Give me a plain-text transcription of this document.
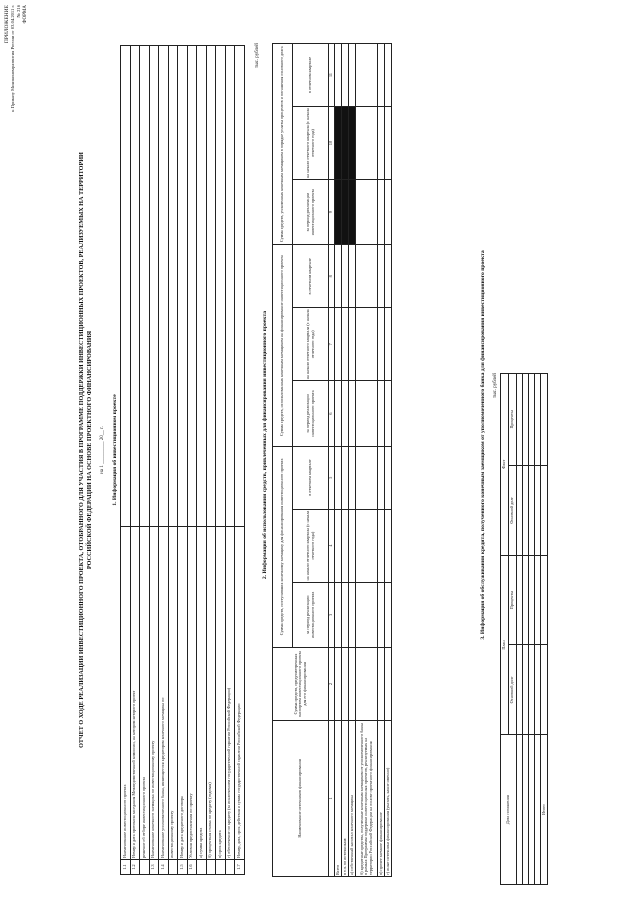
ПРИЛОЖЕНИЕ к Приказу Минэкономразвития России от 03.04.2011 г. № 216 ФОРМА
ОТЧЕТ О ХОДЕ РЕАЛИЗАЦИИ ИНВЕСТИЦИОННОГО ПРОЕКТА, ОТОБРАННОГО ДЛЯ УЧАСТИЯ В ПРОГРАММЕ ПОДДЕРЖКИ ИНВЕСТИЦИОННЫХ ПРОЕКТОВ, РЕАЛИЗУЕМЫХ НА ТЕРРИТОРИИ РОССИЙСКОЙ ФЕДЕРАЦИИ НА ОСНОВЕ ПРОЕКТНОГО ФИНАНСИРОВАНИЯ на 1 _________ 20__ г. 1. Информация об инвестиционном проекте
1.1	Наименование инвестиционного проекта	
1.2	Номер и дата протокола заседания Межведомственной комиссии, на котором которого проект	
	решение об отборе инвестиционного проекта	
1.3	Наименование конечного заемщика по инвестиционному проекту	
1.4	Наименование уполномоченного банка, являющегося кредитором конечного заемщика по	
	инвестиционному проекту	
1.5	Номер и дата кредитного договора	
1.6	Условия предоставления по проекту	
	а) сумма кредита	
	б) процентная ставка по кредиту (годовая)	
	в) срок кредита	
	г) обеспечение по кредиту (за исключением государственной гарантии Российской Федерации)	
1.7	Номер, дата, срок действия и сумма государственной гарантии Российской Федерации	
тыс. рублей
2. Информация об использовании средств, привлеченных для финансирования инвестиционного проекта
Наименование источников финансирования	Сумма средств, предусмотренных паспортом инвестиционного проекта для его финансирования	Сумма средств, поступивших конечному заемщику для финансирования инвестиционного проекта			Сумма средств, использованных конечным заемщиком на финансирование инвестиционного проекта			Сумма средств, уплаченных конечным заемщиком в порядке уплаты процентов и погашения основного долга		
		за период реализации инвестиционного проекта	на начало отчетного квартала (с начала отчетного года)	в отчетном квартале	за период реализации инвестиционного проекта	на начало отчетного квартала (с начала отчетного года)	в отчетном квартале	за период реализации инвестиционного проекта	на начало отчетного квартала (с начала отчетного года)	в отчетном квартале
1	2	3	4	5	6	7	8	9	10	11
Всего										
в т.ч. по источникам:										
а) собственный капитал конечного заемщика										
б) кредитные средства, полученные конечным заемщиком от уполномоченного банка в рамках Программы поддержки инвестиционных проектов, реализуемых на территории Российской Федерации на основе проектного финансирования										
в) прочее заемное финансирование										
г) иные источники финансирования (указать, какие именно)										
3. Информация об обслуживании кредита, полученного конечным заемщиком от уполномоченного банка для финансирования инвестиционного проекта тыс. рублей
Дата погашения	План		Факт	
	Основной долг	Проценты	Основной долг	Проценты

Итого				
